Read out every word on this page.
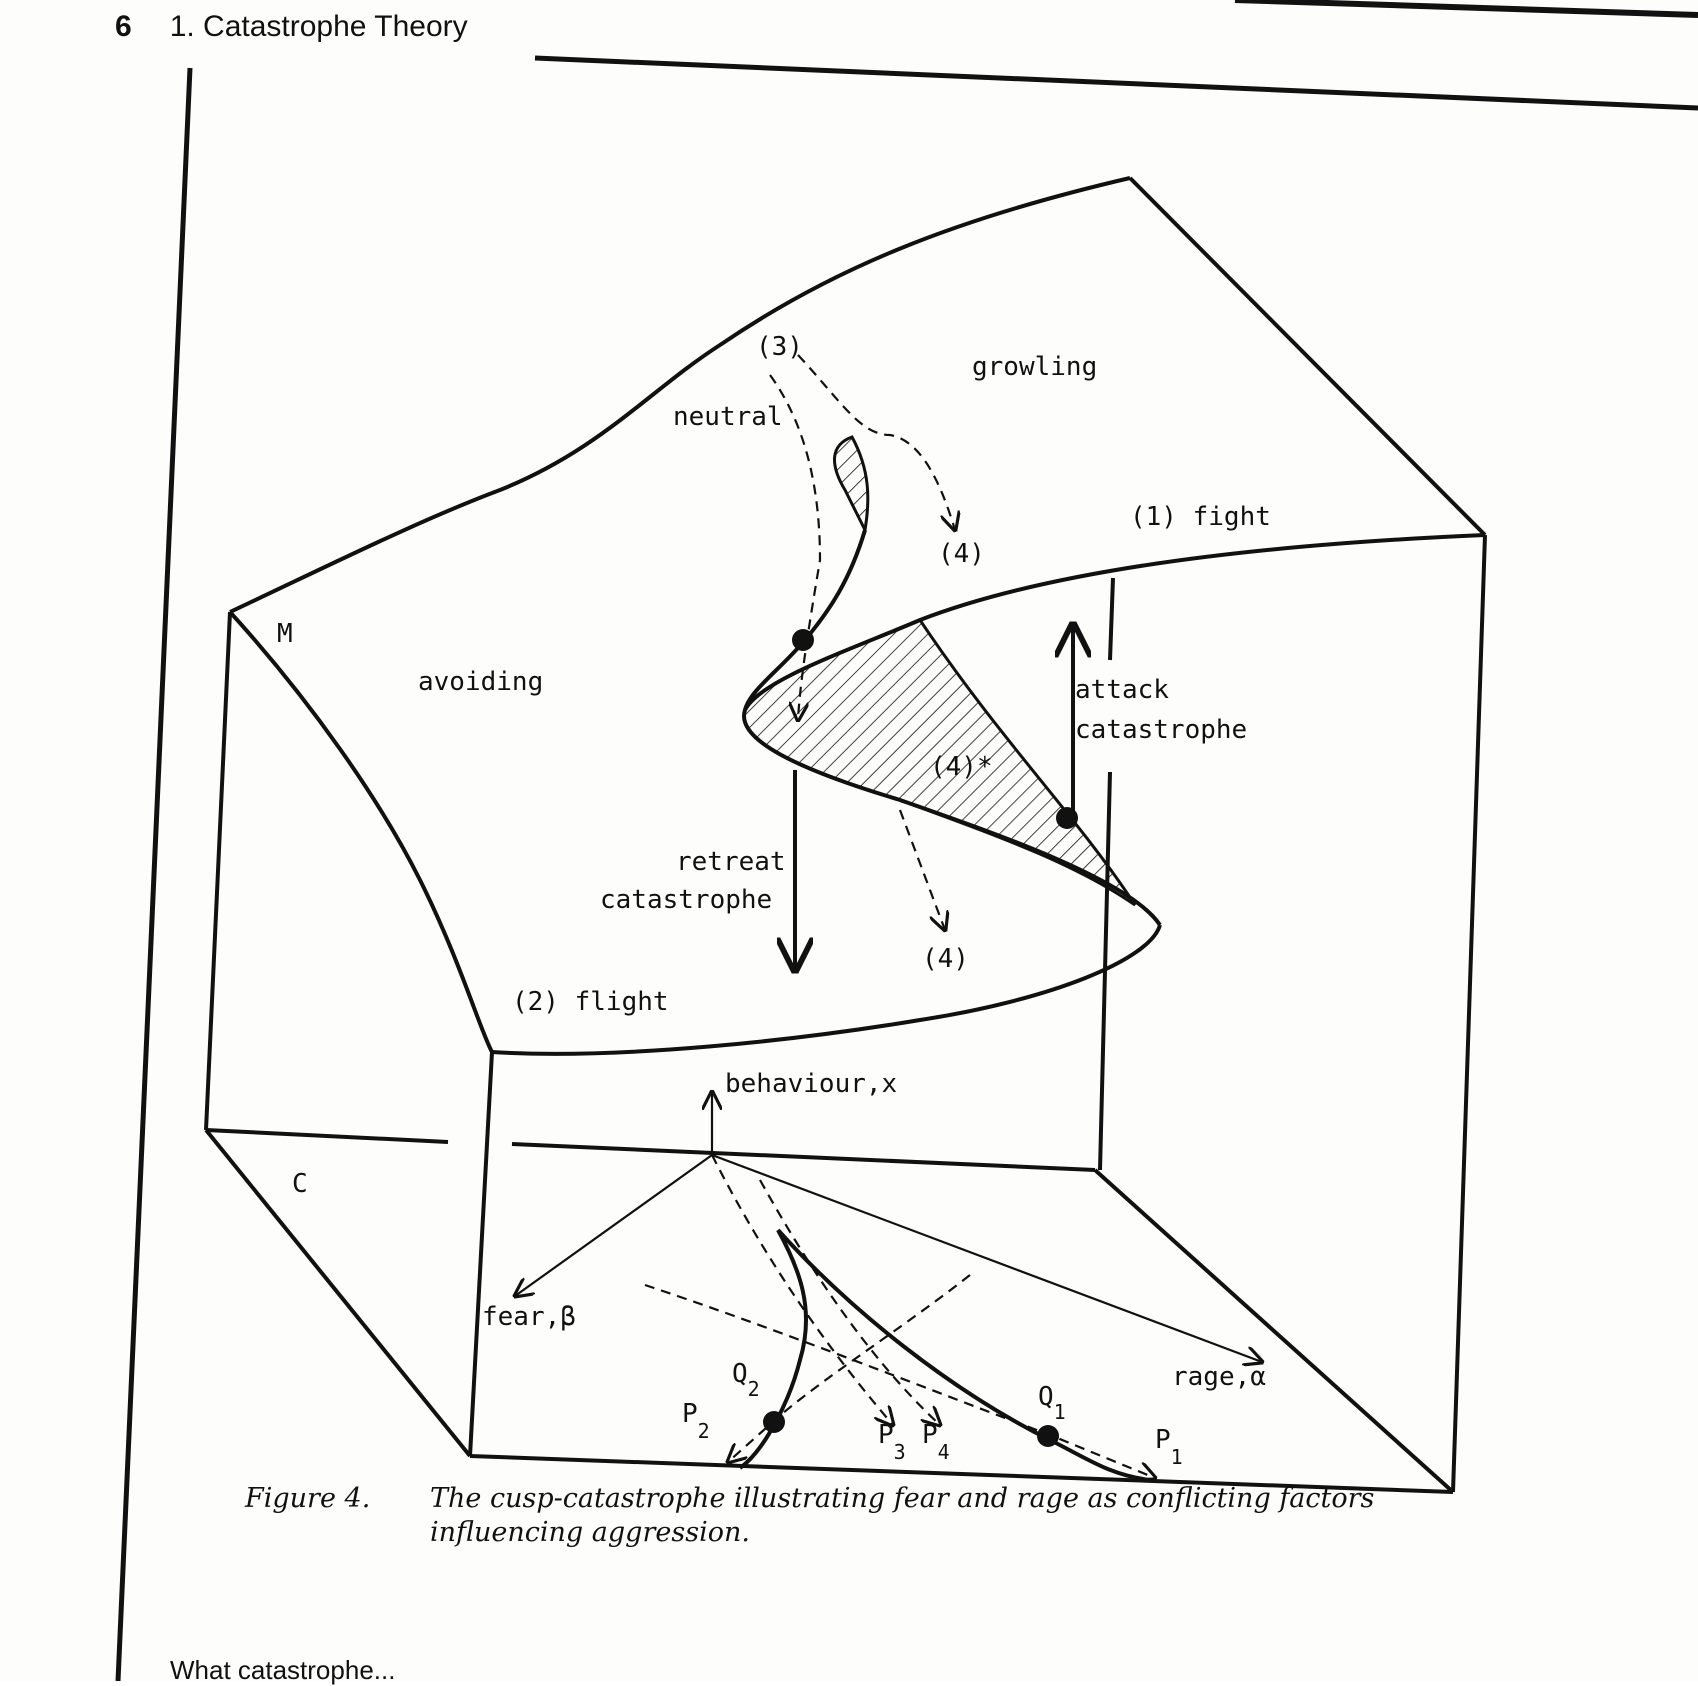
6 1. Catastrophe Theory
growling
neutral
(3)
(1) fight
(4)
M
avoiding	attack
catastrophe
(4)*
retreat
catastrophe
(4)
(2) flight
behaviour,x
C
fear,β
rage,α
$Q_2$	$Q_1$
$P_2$	$P_3$
$P_4$	$P_1$
Figure 4. The cusp-catastrophe illustrating fear and rage as conflicting factors influencing aggression.
What catastrophe...
